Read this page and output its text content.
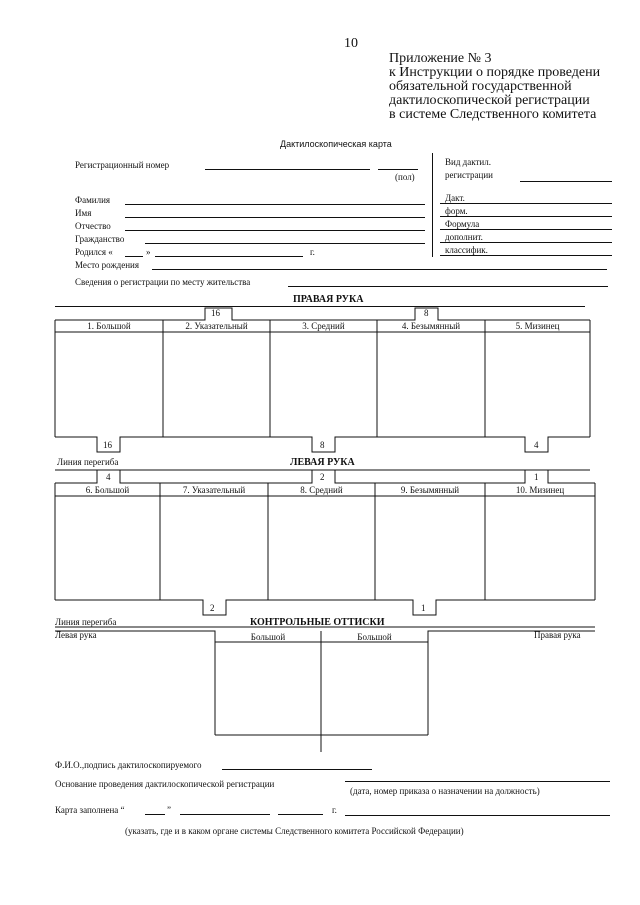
10
Приложение № 3
к Инструкции о порядке проведени
обязательной государственной
дактилоскопической регистрации
в системе Следственного комитета
Дактилоскопическая карта
Регистрационный номер
(пол)
Фамилия
Имя
Отчество
Гражданство
Родился «	»	г.
Место рождения
Сведения о регистрации по месту жительства
Вид дактил.
регистрации
Дакт.
форм.
Формула
дополнит.
классифик.
ПРАВАЯ РУКА
16	8
1. Большой	2. Указательный	3. Средний	4. Безымянный	5. Мизинец
16	8	4
Линия перегиба	ЛЕВАЯ РУКА
4	2	1
6. Большой	7. Указательный	8. Средний	9. Безымянный	10. Мизинец
2	1
Линия перегиба	КОНТРОЛЬНЫЕ ОТТИСКИ
Левая рука	Правая рука
Большой	Большой
Ф.И.О.,подпись дактилоскопируемого
Основание проведения дактилоскопической регистрации
(дата, номер приказа о назначении на должность)
Карта заполнена “	”	г.
(указать, где и в каком органе системы Следственного комитета Российской Федерации)
